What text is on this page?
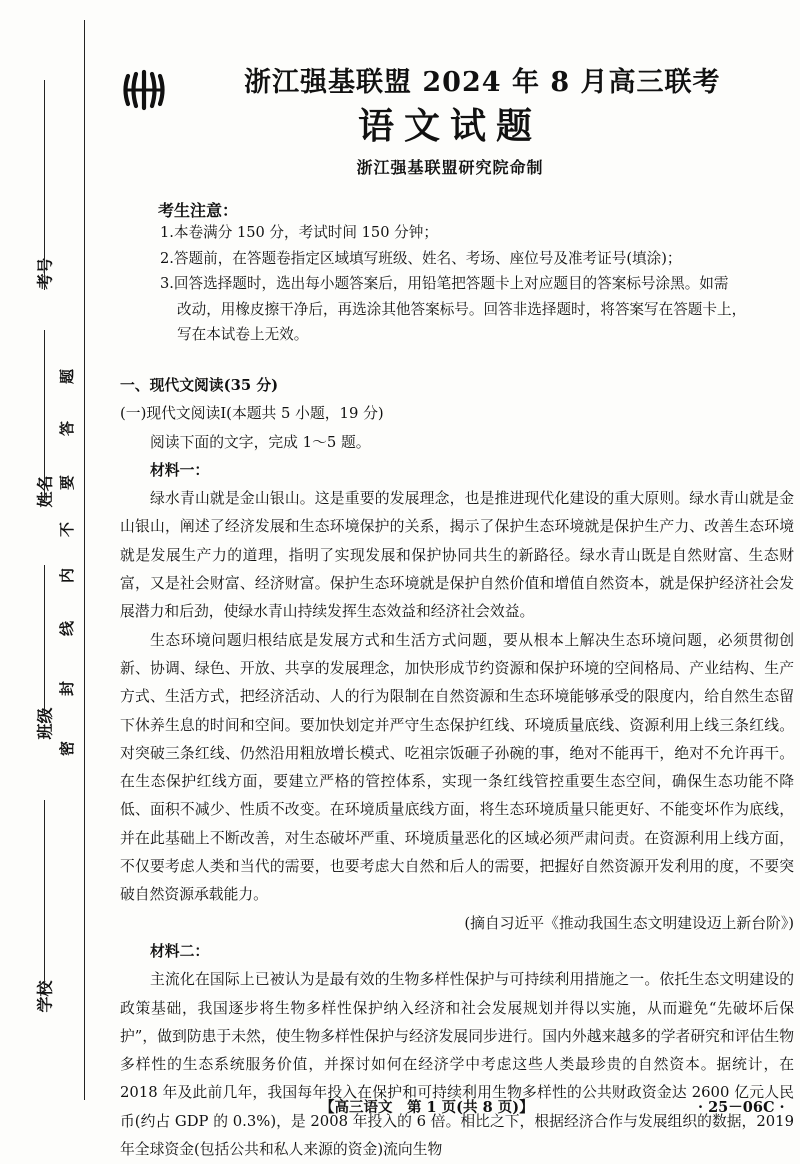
考号
姓名
班级
学校
密
封
线
内
不
要
答
题
浙江强基联盟 2024 年 8 月高三联考
语文试题
浙江强基联盟研究院命制
考生注意：

1.本卷满分 150 分，考试时间 150 分钟；

2.答题前，在答题卷指定区域填写班级、姓名、考场、座位号及准考证号(填涂)；

3.回答选择题时，选出每小题答案后，用铅笔把答题卡上对应题目的答案标号涂黑。如需

改动，用橡皮擦干净后，再选涂其他答案标号。回答非选择题时，将答案写在答题卡上，

写在本试卷上无效。

一、现代文阅读(35 分)

(一)现代文阅读Ⅰ(本题共 5 小题，19 分)

阅读下面的文字，完成 1～5 题。

材料一：

绿水青山就是金山银山。这是重要的发展理念，也是推进现代化建设的重大原则。绿水青山就是金山银山，阐述了经济发展和生态环境保护的关系，揭示了保护生态环境就是保护生产力、改善生态环境就是发展生产力的道理，指明了实现发展和保护协同共生的新路径。绿水青山既是自然财富、生态财富，又是社会财富、经济财富。保护生态环境就是保护自然价值和增值自然资本，就是保护经济社会发展潜力和后劲，使绿水青山持续发挥生态效益和经济社会效益。

生态环境问题归根结底是发展方式和生活方式问题，要从根本上解决生态环境问题，必须贯彻创新、协调、绿色、开放、共享的发展理念，加快形成节约资源和保护环境的空间格局、产业结构、生产方式、生活方式，把经济活动、人的行为限制在自然资源和生态环境能够承受的限度内，给自然生态留下休养生息的时间和空间。要加快划定并严守生态保护红线、环境质量底线、资源利用上线三条红线。对突破三条红线、仍然沿用粗放增长模式、吃祖宗饭砸子孙碗的事，绝对不能再干，绝对不允许再干。在生态保护红线方面，要建立严格的管控体系，实现一条红线管控重要生态空间，确保生态功能不降低、面积不减少、性质不改变。在环境质量底线方面，将生态环境质量只能更好、不能变坏作为底线，并在此基础上不断改善，对生态破坏严重、环境质量恶化的区域必须严肃问责。在资源利用上线方面，不仅要考虑人类和当代的需要，也要考虑大自然和后人的需要，把握好自然资源开发利用的度，不要突破自然资源承载能力。

(摘自习近平《推动我国生态文明建设迈上新台阶》)

材料二：

主流化在国际上已被认为是最有效的生物多样性保护与可持续利用措施之一。依托生态文明建设的政策基础，我国逐步将生物多样性保护纳入经济和社会发展规划并得以实施，从而避免“先破坏后保护”，做到防患于未然，使生物多样性保护与经济发展同步进行。国内外越来越多的学者研究和评估生物多样性的生态系统服务价值，并探讨如何在经济学中考虑这些人类最珍贵的自然资本。据统计，在 2018 年及此前几年，我国每年投入在保护和可持续利用生物多样性的公共财政资金达 2600 亿元人民币(约占 GDP 的 0.3%)，是 2008 年投入的 6 倍。相比之下，根据经济合作与发展组织的数据，2019 年全球资金(包括公共和私人来源的资金)流向生物

【高三语文　第 1 页(共 8 页)】	· 25－06C ·
